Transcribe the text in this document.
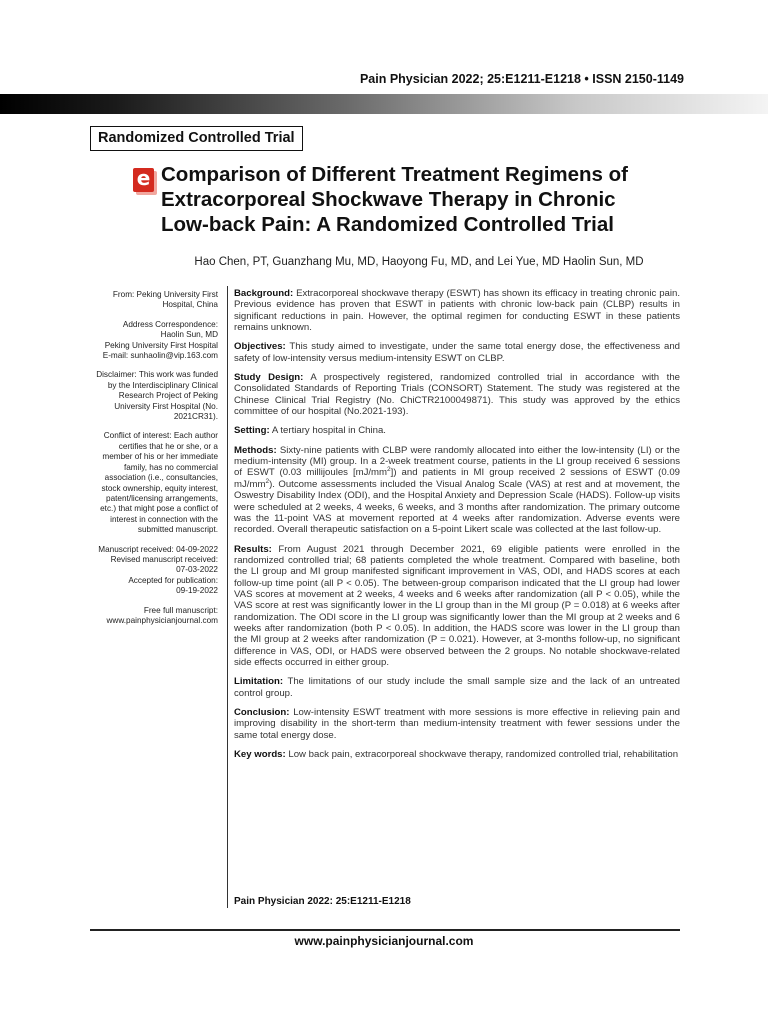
Pain Physician 2022; 25:E1211-E1218 • ISSN 2150-1149
Randomized Controlled Trial
e Comparison of Different Treatment Regimens of
Extracorporeal Shockwave Therapy in Chronic
Low-back Pain: A Randomized Controlled Trial
Hao Chen, PT, Guanzhang Mu, MD, Haoyong Fu, MD, and Lei Yue, MD Haolin Sun, MD
From: Peking University First
Hospital, China
Address Correspondence:
Haolin Sun, MD
Peking University First Hospital
E-mail: sunhaolin@vip.163.com
Disclaimer: This work was funded
by the Interdisciplinary Clinical
Research Project of Peking
University First Hospital (No.
2021CR31).
Conflict of interest: Each author
certifies that he or she, or a
member of his or her immediate
family, has no commercial
association (i.e., consultancies,
stock ownership, equity interest,
patent/licensing arrangements,
etc.) that might pose a conflict of
interest in connection with the
submitted manuscript.
Manuscript received: 04-09-2022
Revised manuscript received:
07-03-2022
Accepted for publication:
09-19-2022
Free full manuscript:
www.painphysicianjournal.com

Background: Extracorporeal shockwave therapy (ESWT) has shown its efficacy in treating chronic pain. Previous evidence has proven that ESWT in patients with chronic low-back pain (CLBP) results in significant reductions in pain. However, the optimal regimen for conducting ESWT in these patients remains unknown.

Objectives: This study aimed to investigate, under the same total energy dose, the effectiveness and safety of low-intensity versus medium-intensity ESWT on CLBP.

Study Design: A prospectively registered, randomized controlled trial in accordance with the Consolidated Standards of Reporting Trials (CONSORT) Statement. The study was registered at the Chinese Clinical Trial Registry (No. ChiCTR2100049871). This study was approved by the ethics committee of our hospital (No.2021-193).

Setting: A tertiary hospital in China.

Methods: Sixty-nine patients with CLBP were randomly allocated into either the low-intensity (LI) or the medium-intensity (MI) group. In a 2-week treatment course, patients in the LI group received 6 sessions of ESWT (0.03 millijoules $[mJ/mm^2]$) and patients in MI group received 2 sessions of ESWT (0.09 $mJ/mm^2$). Outcome assessments included the Visual Analog Scale (VAS) at rest and at movement, the Oswestry Disability Index (ODI), and the Hospital Anxiety and Depression Scale (HADS). Follow-up visits were scheduled at 2 weeks, 4 weeks, 6 weeks, and 3 months after randomization. The primary outcome was the 11-point VAS at movement reported at 4 weeks after randomization. Adverse events were recorded. Overall therapeutic satisfaction on a 5-point Likert scale was collected at the last follow-up.

Results: From August 2021 through December 2021, 69 eligible patients were enrolled in the randomized controlled trial; 68 patients completed the whole treatment. Compared with baseline, both the LI group and MI group manifested significant improvement in VAS, ODI, and HADS scores at each follow-up time point (all P < 0.05). The between-group comparison indicated that the LI group had lower VAS scores at movement at 2 weeks, 4 weeks and 6 weeks after randomization (all P < 0.05), while the VAS score at rest was significantly lower in the LI group than in the MI group (P = 0.018) at 6 weeks after randomization. The ODI score in the LI group was significantly lower than the MI group at 2 weeks and 6 weeks after randomization (both P < 0.05). In addition, the HADS score was lower in the LI group than the MI group at 2 weeks after randomization (P = 0.021). However, at 3-months follow-up, no significant difference in VAS, ODI, or HADS were observed between the 2 groups. No notable shockwave-related side effects occurred in either group.

Limitation: The limitations of our study include the small sample size and the lack of an untreated control group.

Conclusion: Low-intensity ESWT treatment with more sessions is more effective in relieving pain and improving disability in the short-term than medium-intensity treatment with fewer sessions under the same total energy dose.

Key words: Low back pain, extracorporeal shockwave therapy, randomized controlled trial, rehabilitation

Pain Physician 2022: 25:E1211-E1218
www.painphysicianjournal.com
